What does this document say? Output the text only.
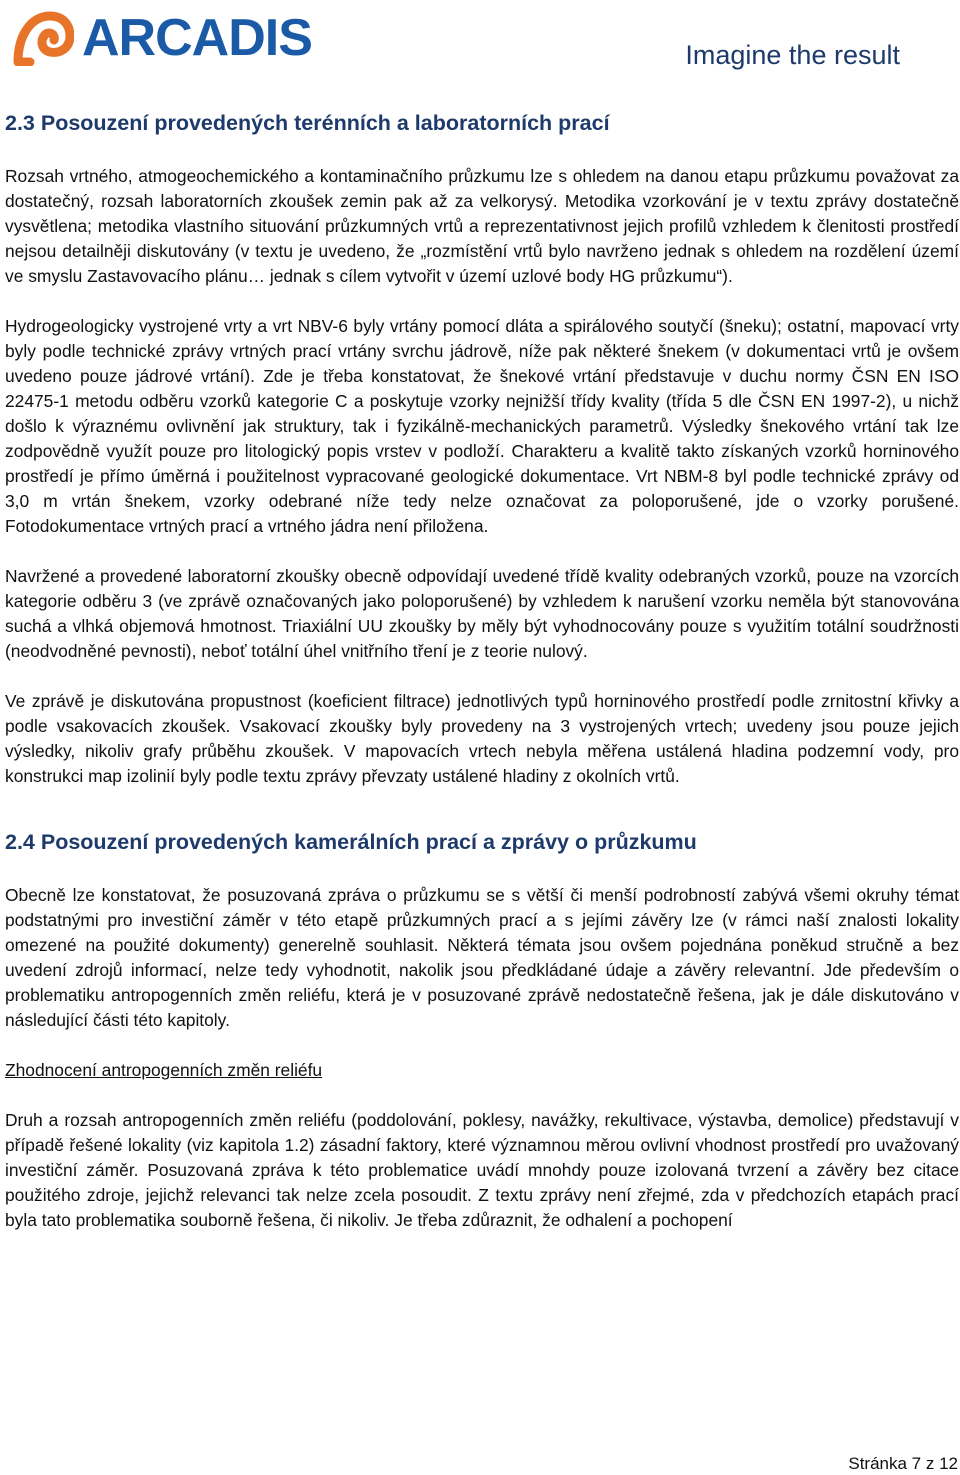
ARCADIS	Imagine the result
2.3 Posouzení provedených terénních a laboratorních prací

Rozsah vrtného, atmogeochemického a kontaminačního průzkumu lze s ohledem na danou etapu průzkumu považovat za dostatečný, rozsah laboratorních zkoušek zemin pak až za velkorysý. Metodika vzorkování je v textu zprávy dostatečně vysvětlena; metodika vlastního situování průzkumných vrtů a reprezentativnost jejich profilů vzhledem k členitosti prostředí nejsou detailněji diskutovány (v textu je uvedeno, že „rozmístění vrtů bylo navrženo jednak s ohledem na rozdělení území ve smyslu Zastavovacího plánu… jednak s cílem vytvořit v území uzlové body HG průzkumu“).

Hydrogeologicky vystrojené vrty a vrt NBV-6 byly vrtány pomocí dláta a spirálového soutyčí (šneku); ostatní, mapovací vrty byly podle technické zprávy vrtných prací vrtány svrchu jádrově, níže pak některé šnekem (v dokumentaci vrtů je ovšem uvedeno pouze jádrové vrtání). Zde je třeba konstatovat, že šnekové vrtání představuje v duchu normy ČSN EN ISO 22475-1 metodu odběru vzorků kategorie C a poskytuje vzorky nejnižší třídy kvality (třída 5 dle ČSN EN 1997-2), u nichž došlo k výraznému ovlivnění jak struktury, tak i fyzikálně-mechanických parametrů. Výsledky šnekového vrtání tak lze zodpovědně využít pouze pro litologický popis vrstev v podloží. Charakteru a kvalitě takto získaných vzorků horninového prostředí je přímo úměrná i použitelnost vypracované geologické dokumentace. Vrt NBM-8 byl podle technické zprávy od 3,0 m vrtán šnekem, vzorky odebrané níže tedy nelze označovat za poloporušené, jde o vzorky porušené. Fotodokumentace vrtných prací a vrtného jádra není přiložena.

Navržené a provedené laboratorní zkoušky obecně odpovídají uvedené třídě kvality odebraných vzorků, pouze na vzorcích kategorie odběru 3 (ve zprávě označovaných jako poloporušené) by vzhledem k narušení vzorku neměla být stanovována suchá a vlhká objemová hmotnost. Triaxiální UU zkoušky by měly být vyhodnocovány pouze s využitím totální soudržnosti (neodvodněné pevnosti), neboť totální úhel vnitřního tření je z teorie nulový.

Ve zprávě je diskutována propustnost (koeficient filtrace) jednotlivých typů horninového prostředí podle zrnitostní křivky a podle vsakovacích zkoušek. Vsakovací zkoušky byly provedeny na 3 vystrojených vrtech; uvedeny jsou pouze jejich výsledky, nikoliv grafy průběhu zkoušek. V mapovacích vrtech nebyla měřena ustálená hladina podzemní vody, pro konstrukci map izolinií byly podle textu zprávy převzaty ustálené hladiny z okolních vrtů.

2.4 Posouzení provedených kamerálních prací a zprávy o průzkumu

Obecně lze konstatovat, že posuzovaná zpráva o průzkumu se s větší či menší podrobností zabývá všemi okruhy témat podstatnými pro investiční záměr v této etapě průzkumných prací a s jejími závěry lze (v rámci naší znalosti lokality omezené na použité dokumenty) generelně souhlasit. Některá témata jsou ovšem pojednána poněkud stručně a bez uvedení zdrojů informací, nelze tedy vyhodnotit, nakolik jsou předkládané údaje a závěry relevantní. Jde především o problematiku antropogenních změn reliéfu, která je v posuzované zprávě nedostatečně řešena, jak je dále diskutováno v následující části této kapitoly.

Zhodnocení antropogenních změn reliéfu

Druh a rozsah antropogenních změn reliéfu (poddolování, poklesy, navážky, rekultivace, výstavba, demolice) představují v případě řešené lokality (viz kapitola 1.2) zásadní faktory, které významnou měrou ovlivní vhodnost prostředí pro uvažovaný investiční záměr. Posuzovaná zpráva k této problematice uvádí mnohdy pouze izolovaná tvrzení a závěry bez citace použitého zdroje, jejichž relevanci tak nelze zcela posoudit. Z textu zprávy není zřejmé, zda v předchozích etapách prací byla tato problematika souborně řešena, či nikoliv. Je třeba zdůraznit, že odhalení a pochopení

Stránka 7 z 12
